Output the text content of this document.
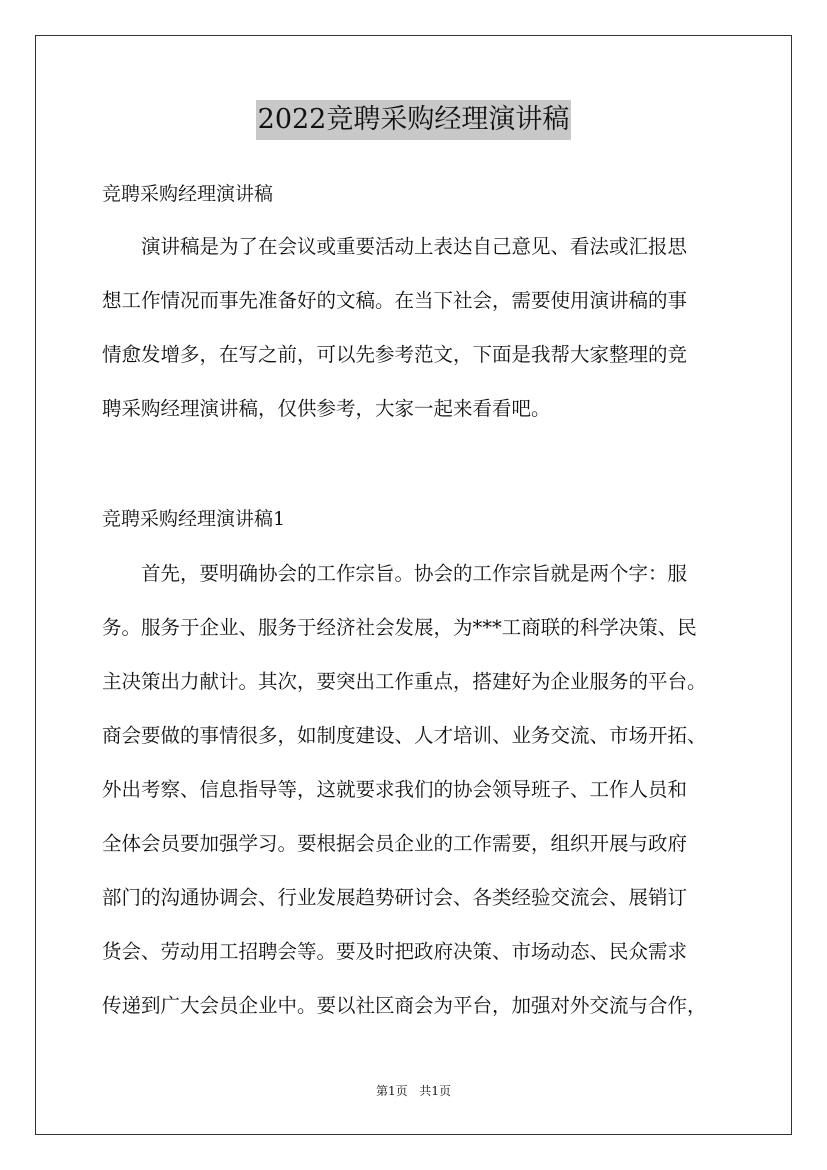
2022竞聘采购经理演讲稿
竞聘采购经理演讲稿
演讲稿是为了在会议或重要活动上表达自己意见、看法或汇报思
想工作情况而事先准备好的文稿。在当下社会，需要使用演讲稿的事
情愈发增多，在写之前，可以先参考范文，下面是我帮大家整理的竞
聘采购经理演讲稿，仅供参考，大家一起来看看吧。
竞聘采购经理演讲稿1
首先，要明确协会的工作宗旨。协会的工作宗旨就是两个字：服
务。服务于企业、服务于经济社会发展，为***工商联的科学决策、民
主决策出力献计。其次，要突出工作重点，搭建好为企业服务的平台。
商会要做的事情很多，如制度建设、人才培训、业务交流、市场开拓、
外出考察、信息指导等，这就要求我们的协会领导班子、工作人员和
全体会员要加强学习。要根据会员企业的工作需要，组织开展与政府
部门的沟通协调会、行业发展趋势研讨会、各类经验交流会、展销订
货会、劳动用工招聘会等。要及时把政府决策、市场动态、民众需求
传递到广大会员企业中。要以社区商会为平台，加强对外交流与合作，
第1页 共1页
